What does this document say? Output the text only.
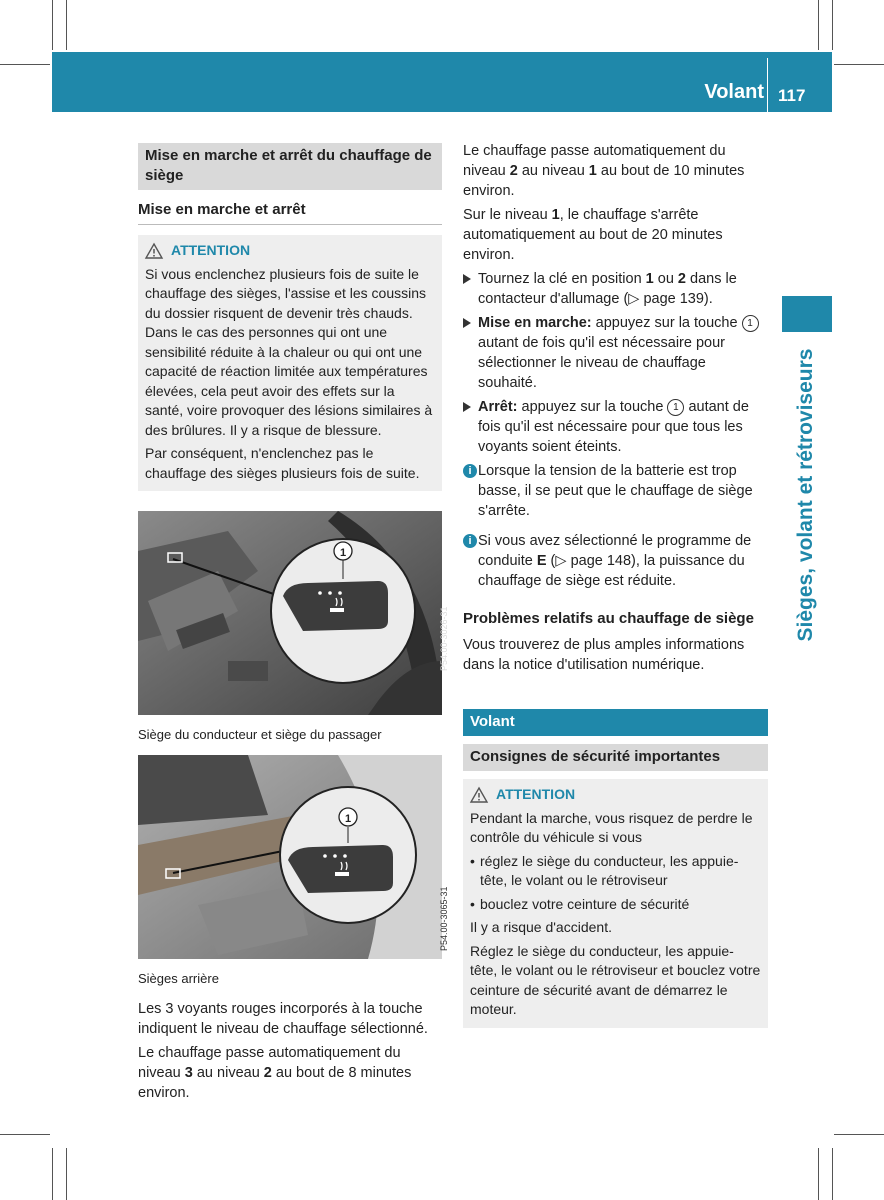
Volant 117
Sièges, volant et rétroviseurs
Mise en marche et arrêt du chauffage de siège
Mise en marche et arrêt
ATTENTION

Si vous enclenchez plusieurs fois de suite le chauffage des sièges, l'assise et les coussins du dossier risquent de devenir très chauds. Dans le cas des personnes qui ont une sensibilité réduite à la chaleur ou qui ont une capacité de réaction limitée aux températures élevées, cela peut avoir des effets sur la santé, voire provoquer des lésions similaires à des brûlures. Il y a risque de blessure.

Par conséquent, n'enclenchez pas le chauffage des sièges plusieurs fois de suite.

1
P54.00-3026-31
Siège du conducteur et siège du passager
1
P54.00-3065-31
Sièges arrière

Les 3 voyants rouges incorporés à la touche indiquent le niveau de chauffage sélectionné.

Le chauffage passe automatiquement du niveau 3 au niveau 2 au bout de 8 minutes environ.

Le chauffage passe automatiquement du niveau 2 au niveau 1 au bout de 10 minutes environ.

Sur le niveau 1, le chauffage s'arrête automatiquement au bout de 20 minutes environ.

Tournez la clé en position 1 ou 2 dans le contacteur d'allumage (▷ page 139).
Mise en marche: appuyez sur la touche 1 autant de fois qu'il est nécessaire pour sélectionner le niveau de chauffage souhaité.
Arrêt: appuyez sur la touche 1 autant de fois qu'il est nécessaire pour que tous les voyants soient éteints.
i Lorsque la tension de la batterie est trop basse, il se peut que le chauffage de siège s'arrête.
i Si vous avez sélectionné le programme de conduite E (▷ page 148), la puissance du chauffage de siège est réduite.
Problèmes relatifs au chauffage de siège

Vous trouverez de plus amples informations dans la notice d'utilisation numérique.

Volant
Consignes de sécurité importantes
ATTENTION

Pendant la marche, vous risquez de perdre le contrôle du véhicule si vous

• réglez le siège du conducteur, les appuie-tête, le volant ou le rétroviseur
• bouclez votre ceinture de sécurité

Il y a risque d'accident.

Réglez le siège du conducteur, les appuie-tête, le volant ou le rétroviseur et bouclez votre ceinture de sécurité avant de démarrez le moteur.
